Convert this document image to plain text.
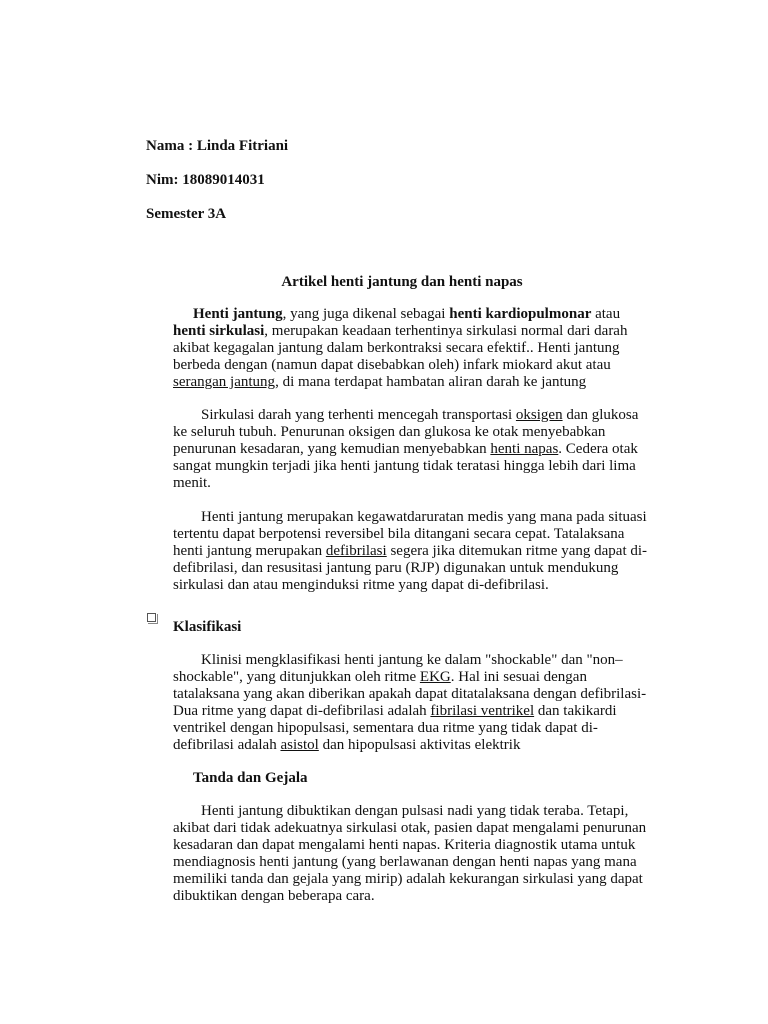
Nama : Linda Fitriani
Nim: 18089014031
Semester 3A
Artikel henti jantung dan henti napas
Henti jantung, yang juga dikenal sebagai henti kardiopulmonar atau henti sirkulasi, merupakan keadaan terhentinya sirkulasi normal dari darah akibat kegagalan jantung dalam berkontraksi secara efektif.. Henti jantung berbeda dengan (namun dapat disebabkan oleh) infark miokard akut atau serangan jantung, di mana terdapat hambatan aliran darah ke jantung
Sirkulasi darah yang terhenti mencegah transportasi oksigen dan glukosa ke seluruh tubuh. Penurunan oksigen dan glukosa ke otak menyebabkan penurunan kesadaran, yang kemudian menyebabkan henti napas. Cedera otak sangat mungkin terjadi jika henti jantung tidak teratasi hingga lebih dari lima menit.
Henti jantung merupakan kegawatdaruratan medis yang mana pada situasi tertentu dapat berpotensi reversibel bila ditangani secara cepat. Tatalaksana henti jantung merupakan defibrilasi segera jika ditemukan ritme yang dapat di-defibrilasi, dan resusitasi jantung paru (RJP) digunakan untuk mendukung sirkulasi dan atau menginduksi ritme yang dapat di-defibrilasi.
Klasifikasi
Klinisi mengklasifikasi henti jantung ke dalam "shockable" dan "non–shockable", yang ditunjukkan oleh ritme EKG. Hal ini sesuai dengan tatalaksana yang akan diberikan apakah dapat ditatalaksana dengan defibrilasi-Dua ritme yang dapat di-defibrilasi adalah fibrilasi ventrikel dan takikardi ventrikel dengan hipopulsasi, sementara dua ritme yang tidak dapat di-defibrilasi adalah asistol dan hipopulsasi aktivitas elektrik
Tanda dan Gejala
Henti jantung dibuktikan dengan pulsasi nadi yang tidak teraba. Tetapi, akibat dari tidak adekuatnya sirkulasi otak, pasien dapat mengalami penurunan kesadaran dan dapat mengalami henti napas. Kriteria diagnostik utama untuk mendiagnosis henti jantung (yang berlawanan dengan henti napas yang mana memiliki tanda dan gejala yang mirip) adalah kekurangan sirkulasi yang dapat dibuktikan dengan beberapa cara.
